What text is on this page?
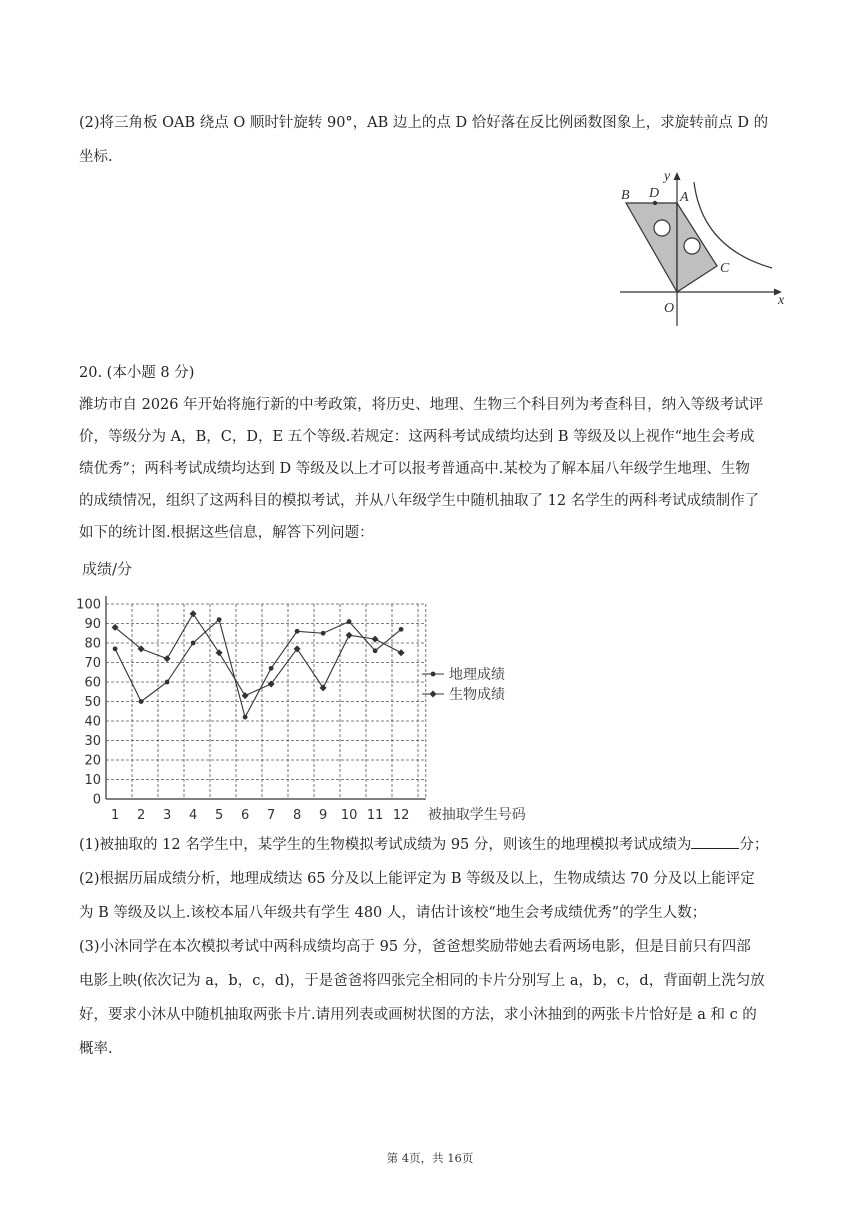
(2)将三角板 OAB 绕点 O 顺时针旋转 90°，AB 边上的点 D 恰好落在反比例函数图象上，求旋转前点 D 的

坐标.

B D A
C
O
x
y

20. (本小题 8 分)

潍坊市自 2026 年开始将施行新的中考政策，将历史、地理、生物三个科目列为考查科目，纳入等级考试评

价，等级分为 A，B，C，D，E 五个等级.若规定：这两科考试成绩均达到 B 等级及以上视作“地生会考成

绩优秀”；两科考试成绩均达到 D 等级及以上才可以报考普通高中.某校为了解本届八年级学生地理、生物

的成绩情况，组织了这两科目的模拟考试，并从八年级学生中随机抽取了 12 名学生的两科考试成绩制作了

如下的统计图.根据这些信息，解答下列问题：

0
10
20
30
40
50
60
70
80
90
100
成绩/分
被抽取学生号码
1 2 3 4 5 6 7 8 9 10 11 12
地理成绩
生物成绩

(1)被抽取的 12 名学生中，某学生的生物模拟考试成绩为 95 分，则该生的地理模拟考试成绩为	分；

(2)根据历届成绩分析，地理成绩达 65 分及以上能评定为 B 等级及以上，生物成绩达 70 分及以上能评定

为 B 等级及以上.该校本届八年级共有学生 480 人，请估计该校“地生会考成绩优秀”的学生人数；

(3)小沐同学在本次模拟考试中两科成绩均高于 95 分，爸爸想奖励带她去看两场电影，但是目前只有四部

电影上映(依次记为 a，b，c，d)，于是爸爸将四张完全相同的卡片分别写上 a，b，c，d，背面朝上洗匀放

好，要求小沐从中随机抽取两张卡片.请用列表或画树状图的方法，求小沐抽到的两张卡片恰好是 a 和 c 的

概率.

第 4页，共 16页
